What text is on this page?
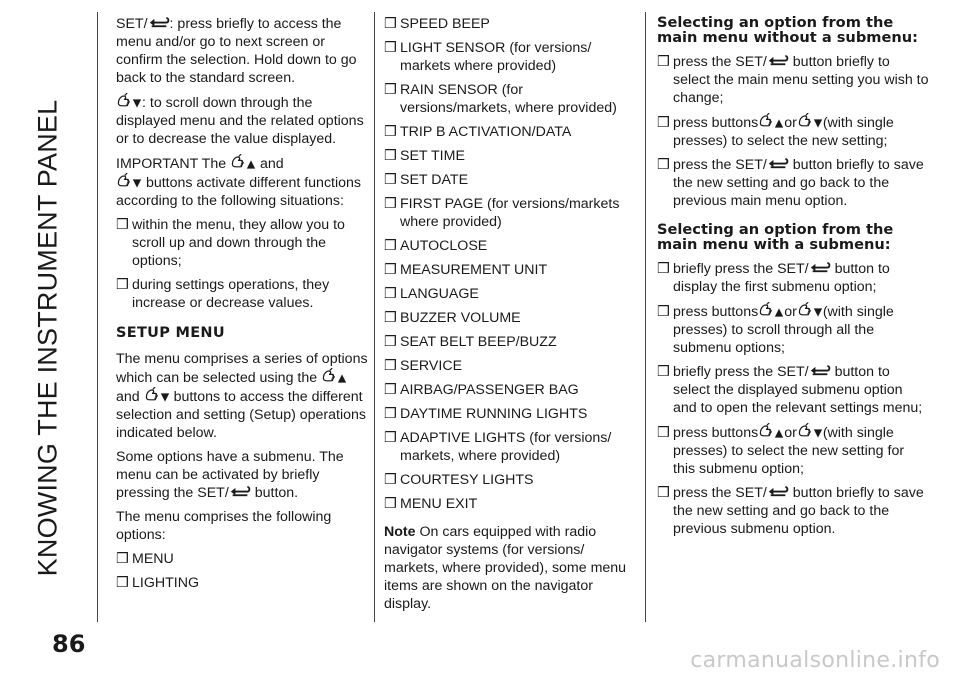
KNOWING THE INSTRUMENT PANEL

SET/ : press briefly to access the menu and/or go to next screen or confirm the selection. Hold down to go back to the standard screen.

: to scroll down through the displayed menu and the related options or to decrease the value displayed.

IMPORTANT The and
buttons activate different functions according to the following situations:

❒ within the menu, they allow you to scroll up and down through the options;
❒ during settings operations, they increase or decrease values.
SETUP MENU

The menu comprises a series of options which can be selected using the  and buttons to access the different selection and setting (Setup) operations indicated below.

Some options have a submenu. The menu can be activated by briefly pressing the SET/ button.

The menu comprises the following options:

❒ MENU
❒ LIGHTING
❒ SPEED BEEP
❒ LIGHT SENSOR (for versions/ markets where provided)
❒ RAIN SENSOR (for versions/markets, where provided)
❒ TRIP B ACTIVATION/DATA
❒ SET TIME
❒ SET DATE
❒ FIRST PAGE (for versions/markets where provided)
❒ AUTOCLOSE
❒ MEASUREMENT UNIT
❒ LANGUAGE
❒ BUZZER VOLUME
❒ SEAT BELT BEEP/BUZZ
❒ SERVICE
❒ AIRBAG/PASSENGER BAG
❒ DAYTIME RUNNING LIGHTS
❒ ADAPTIVE LIGHTS (for versions/ markets, where provided)
❒ COURTESY LIGHTS
❒ MENU EXIT

Note On cars equipped with radio navigator systems (for versions/ markets, where provided), some menu items are shown on the navigator display.

Selecting an option from the main menu without a submenu:
❒ press the SET/ button briefly to select the main menu setting you wish to change;
❒ press buttons or (with single presses) to select the new setting;
❒ press the SET/ button briefly to save the new setting and go back to the previous main menu option.
Selecting an option from the main menu with a submenu:
❒ briefly press the SET/ button to display the first submenu option;
❒ press buttons or (with single presses) to scroll through all the submenu options;
❒ briefly press the SET/ button to select the displayed submenu option and to open the relevant settings menu;
❒ press buttons or (with single presses) to select the new setting for this submenu option;
❒ press the SET/ button briefly to save the new setting and go back to the previous submenu option.
86
carmanualsonline.info
